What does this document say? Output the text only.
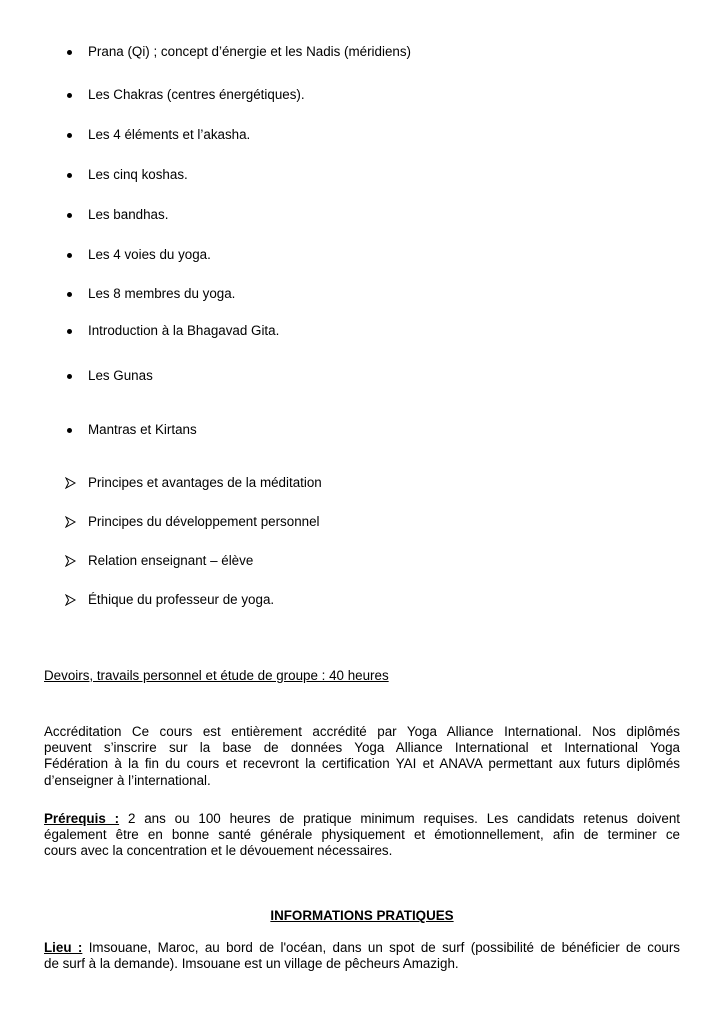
Prana (Qi) ; concept d’énergie et les Nadis (méridiens)
Les Chakras (centres énergétiques).
Les 4 éléments et l’akasha.
Les cinq koshas.
Les bandhas.
Les 4 voies du yoga.
Les 8 membres du yoga.
Introduction à la Bhagavad Gita.
Les Gunas
Mantras et Kirtans
Principes et avantages de la méditation
Principes du développement personnel
Relation enseignant – élève
Éthique du professeur de yoga.
Devoirs, travails personnel et étude de groupe : 40 heures
Accréditation Ce cours est entièrement accrédité par Yoga Alliance International. Nos diplômés
peuvent s’inscrire sur la base de données Yoga Alliance International et International Yoga
Fédération à la fin du cours et recevront la certification YAI et ANAVA permettant aux futurs diplômés
d’enseigner à l’international.
Prérequis : 2 ans ou 100 heures de pratique minimum requises. Les candidats retenus doivent
également être en bonne santé générale physiquement et émotionnellement, afin de terminer ce
cours avec la concentration et le dévouement nécessaires.
INFORMATIONS PRATIQUES
Lieu : Imsouane, Maroc, au bord de l'océan, dans un spot de surf (possibilité de bénéficier de cours
de surf à la demande). Imsouane est un village de pêcheurs Amazigh.
